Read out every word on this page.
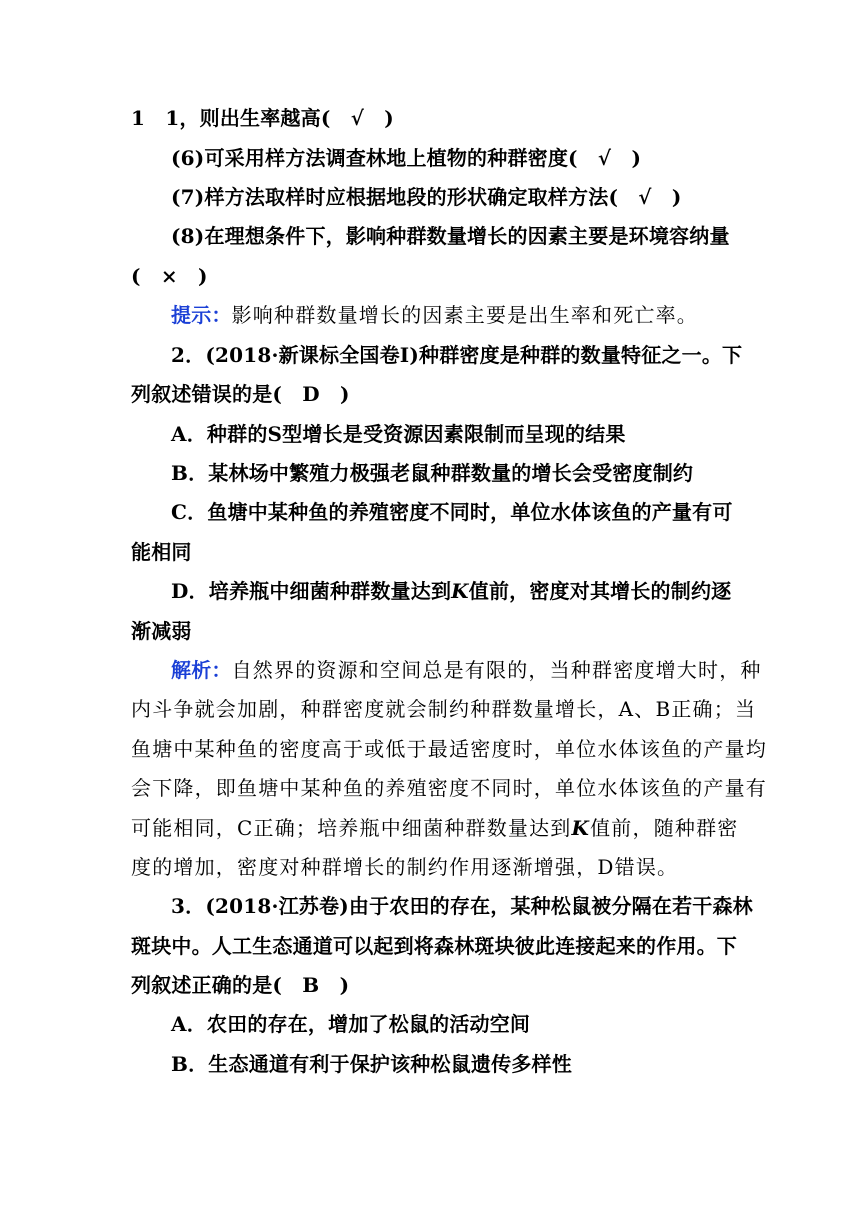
1　1，则出生率越高(　√　)
(6)可采用样方法调查林地上植物的种群密度(　√　)
(7)样方法取样时应根据地段的形状确定取样方法(　√　)
(8)在理想条件下，影响种群数量增长的因素主要是环境容纳量
(　×　)
提示：影响种群数量增长的因素主要是出生率和死亡率。
2．(2018·新课标全国卷Ⅰ)种群密度是种群的数量特征之一。下
列叙述错误的是(　D　)
A．种群的S型增长是受资源因素限制而呈现的结果
B．某林场中繁殖力极强老鼠种群数量的增长会受密度制约
C．鱼塘中某种鱼的养殖密度不同时，单位水体该鱼的产量有可
能相同
D．培养瓶中细菌种群数量达到K值前，密度对其增长的制约逐
渐减弱
解析：自然界的资源和空间总是有限的，当种群密度增大时，种
内斗争就会加剧，种群密度就会制约种群数量增长，A、B正确；当
鱼塘中某种鱼的密度高于或低于最适密度时，单位水体该鱼的产量均
会下降，即鱼塘中某种鱼的养殖密度不同时，单位水体该鱼的产量有
可能相同，C正确；培养瓶中细菌种群数量达到K值前，随种群密
度的增加，密度对种群增长的制约作用逐渐增强，D错误。
3．(2018·江苏卷)由于农田的存在，某种松鼠被分隔在若干森林
斑块中。人工生态通道可以起到将森林斑块彼此连接起来的作用。下
列叙述正确的是(　B　)
A．农田的存在，增加了松鼠的活动空间
B．生态通道有利于保护该种松鼠遗传多样性
